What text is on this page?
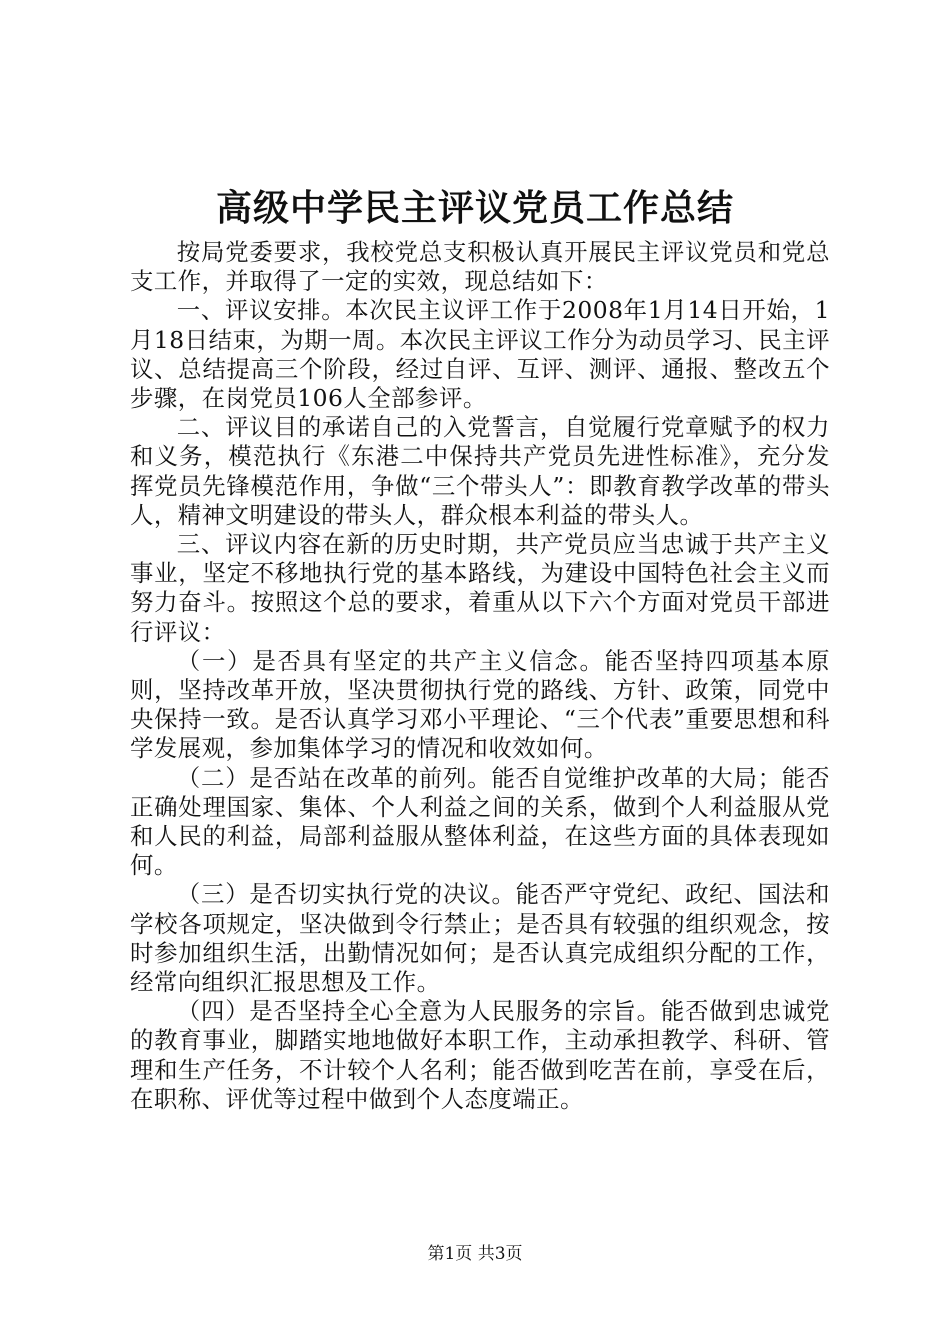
高级中学民主评议党员工作总结

按局党委要求，我校党总支积极认真开展民主评议党员和党总支工作，并取得了一定的实效，现总结如下：

一、评议安排。本次民主议评工作于2008年1月14日开始，1月18日结束，为期一周。本次民主评议工作分为动员学习、民主评议、总结提高三个阶段，经过自评、互评、测评、通报、整改五个步骤，在岗党员106人全部参评。

二、评议目的承诺自己的入党誓言，自觉履行党章赋予的权力和义务，模范执行《东港二中保持共产党员先进性标准》，充分发挥党员先锋模范作用，争做“三个带头人”：即教育教学改革的带头人，精神文明建设的带头人，群众根本利益的带头人。

三、评议内容在新的历史时期，共产党员应当忠诚于共产主义事业，坚定不移地执行党的基本路线，为建设中国特色社会主义而努力奋斗。按照这个总的要求，着重从以下六个方面对党员干部进行评议：

（一）是否具有坚定的共产主义信念。能否坚持四项基本原则，坚持改革开放，坚决贯彻执行党的路线、方针、政策，同党中央保持一致。是否认真学习邓小平理论、“三个代表”重要思想和科学发展观，参加集体学习的情况和收效如何。

（二）是否站在改革的前列。能否自觉维护改革的大局；能否正确处理国家、集体、个人利益之间的关系，做到个人利益服从党和人民的利益，局部利益服从整体利益，在这些方面的具体表现如何。

（三）是否切实执行党的决议。能否严守党纪、政纪、国法和学校各项规定，坚决做到令行禁止；是否具有较强的组织观念，按时参加组织生活，出勤情况如何；是否认真完成组织分配的工作，经常向组织汇报思想及工作。

（四）是否坚持全心全意为人民服务的宗旨。能否做到忠诚党的教育事业，脚踏实地地做好本职工作，主动承担教学、科研、管理和生产任务，不计较个人名利；能否做到吃苦在前，享受在后，在职称、评优等过程中做到个人态度端正。

第1页 共3页
